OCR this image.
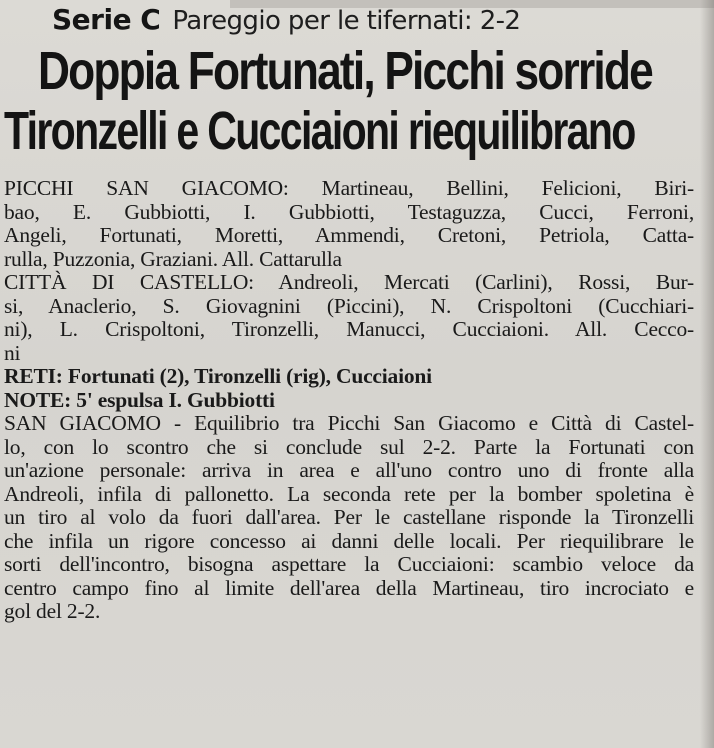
Serie C Pareggio per le tifernati: 2-2
Doppia Fortunati, Picchi sorride
Tironzelli e Cucciaioni riequilibrano
PICCHI SAN GIACOMO: Martineau, Bellini, Felicioni, Biri-
bao, E. Gubbiotti, I. Gubbiotti, Testaguzza, Cucci, Ferroni,
Angeli, Fortunati, Moretti, Ammendi, Cretoni, Petriola, Catta-
rulla, Puzzonia, Graziani. All. Cattarulla
CITTÀ DI CASTELLO: Andreoli, Mercati (Carlini), Rossi, Bur-
si, Anaclerio, S. Giovagnini (Piccini), N. Crispoltoni (Cucchiari-
ni), L. Crispoltoni, Tironzelli, Manucci, Cucciaioni. All. Cecco-
ni
RETI: Fortunati (2), Tironzelli (rig), Cucciaioni
NOTE: 5' espulsa I. Gubbiotti
SAN GIACOMO - Equilibrio tra Picchi San Giacomo e Città di Castel-
lo, con lo scontro che si conclude sul 2-2. Parte la Fortunati con
un'azione personale: arriva in area e all'uno contro uno di fronte alla
Andreoli, infila di pallonetto. La seconda rete per la bomber spoletina è
un tiro al volo da fuori dall'area. Per le castellane risponde la Tironzelli
che infila un rigore concesso ai danni delle locali. Per riequilibrare le
sorti dell'incontro, bisogna aspettare la Cucciaioni: scambio veloce da
centro campo fino al limite dell'area della Martineau, tiro incrociato e
gol del 2-2.
